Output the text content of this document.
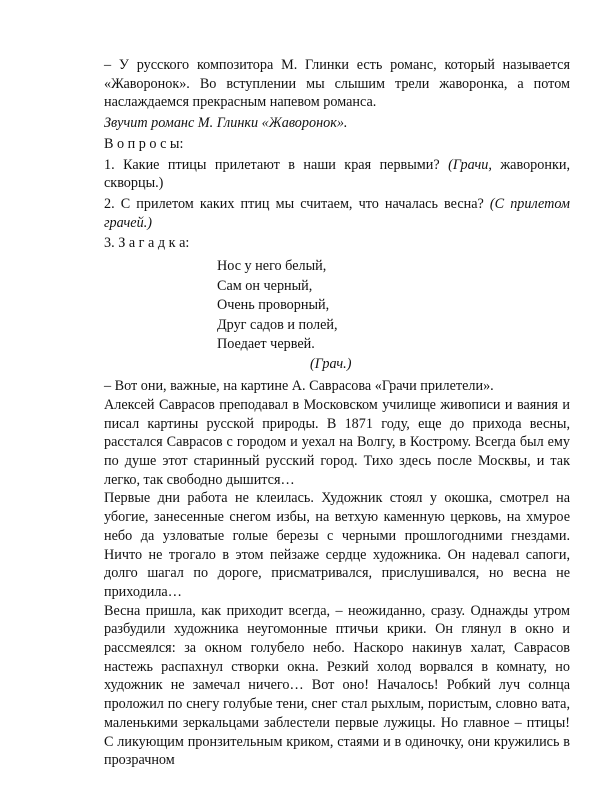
– У русского композитора М. Глинки есть романс, который называется «Жаворонок». Во вступлении мы слышим трели жаворонка, а потом наслаждаемся прекрасным напевом романса.

Звучит романс М. Глинки «Жаворонок».

В о п р о с ы:

1. Какие птицы прилетают в наши края первыми? (Грачи, жаворонки, скворцы.)

2. С прилетом каких птиц мы считаем, что началась весна? (С прилетом грачей.)

3. З а г а д к а:

Нос у него белый,
Сам он черный,
Очень проворный,
Друг садов и полей,
Поедает червей.
(Грач.)

– Вот они, важные, на картине А. Саврасова «Грачи прилетели».

Алексей Саврасов преподавал в Московском училище живописи и ваяния и писал картины русской природы. В 1871 году, еще до прихода весны, расстался Саврасов с городом и уехал на Волгу, в Кострому. Всегда был ему по душе этот старинный русский город. Тихо здесь после Москвы, и так легко, так свободно дышится…

Первые дни работа не клеилась. Художник стоял у окошка, смотрел на убогие, занесенные снегом избы, на ветхую каменную церковь, на хмурое небо да узловатые голые березы с черными прошлогодними гнездами. Ничто не трогало в этом пейзаже сердце художника. Он надевал сапоги, долго шагал по дороге, присматривался, прислушивался, но весна не приходила…

Весна пришла, как приходит всегда, – неожиданно, сразу. Однажды утром разбудили художника неугомонные птичьи крики. Он глянул в окно и рассмеялся: за окном голубело небо. Наскоро накинув халат, Саврасов настежь распахнул створки окна. Резкий холод ворвался в комнату, но художник не замечал ничего… Вот оно! Началось! Робкий луч солнца проложил по снегу голубые тени, снег стал рыхлым, пористым, словно вата, маленькими зеркальцами заблестели первые лужицы. Но главное – птицы! С ликующим пронзительным криком, стаями и в одиночку, они кружились в прозрачном
